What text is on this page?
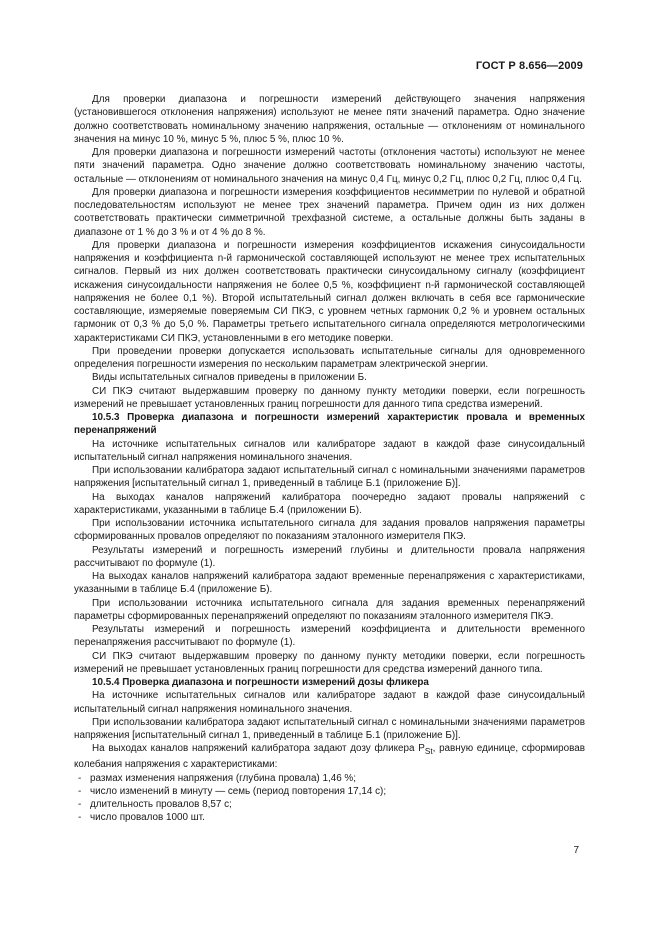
ГОСТ Р 8.656—2009

Для проверки диапазона и погрешности измерений действующего значения напряжения (установившегося отклонения напряжения) используют не менее пяти значений параметра. Одно значение должно соответствовать номинальному значению напряжения, остальные — отклонениям от номинального значения на минус 10 %, минус 5 %, плюс 5 %, плюс 10 %.

Для проверки диапазона и погрешности измерений частоты (отклонения частоты) используют не менее пяти значений параметра. Одно значение должно соответствовать номинальному значению частоты, остальные — отклонениям от номинального значения на минус 0,4 Гц, минус 0,2 Гц, плюс 0,2 Гц, плюс 0,4 Гц.

Для проверки диапазона и погрешности измерения коэффициентов несимметрии по нулевой и обратной последовательностям используют не менее трех значений параметра. Причем один из них должен соответствовать практически симметричной трехфазной системе, а остальные должны быть заданы в диапазоне от 1 % до 3 % и от 4 % до 8 %.

Для проверки диапазона и погрешности измерения коэффициентов искажения синусоидальности напряжения и коэффициента n-й гармонической составляющей используют не менее трех испытательных сигналов. Первый из них должен соответствовать практически синусоидальному сигналу (коэффициент искажения синусоидальности напряжения не более 0,5 %, коэффициент n-й гармонической составляющей напряжения не более 0,1 %). Второй испытательный сигнал должен включать в себя все гармонические составляющие, измеряемые поверяемым СИ ПКЭ, с уровнем четных гармоник 0,2 % и уровнем остальных гармоник от 0,3 % до 5,0 %. Параметры третьего испытательного сигнала определяются метрологическими характеристиками СИ ПКЭ, установленными в его методике поверки.

При проведении проверки допускается использовать испытательные сигналы для одновременного определения погрешности измерения по нескольким параметрам электрической энергии.

Виды испытательных сигналов приведены в приложении Б.

СИ ПКЭ считают выдержавшим проверку по данному пункту методики поверки, если погрешность измерений не превышает установленных границ погрешности для данного типа средства измерений.

10.5.3 Проверка диапазона и погрешности измерений характеристик провала и временных перенапряжений

На источнике испытательных сигналов или калибраторе задают в каждой фазе синусоидальный испытательный сигнал напряжения номинального значения.

При использовании калибратора задают испытательный сигнал с номинальными значениями параметров напряжения [испытательный сигнал 1, приведенный в таблице Б.1 (приложение Б)].

На выходах каналов напряжений калибратора поочередно задают провалы напряжений с характеристиками, указанными в таблице Б.4 (приложении Б).

При использовании источника испытательного сигнала для задания провалов напряжения параметры сформированных провалов определяют по показаниям эталонного измерителя ПКЭ.

Результаты измерений и погрешность измерений глубины и длительности провала напряжения рассчитывают по формуле (1).

На выходах каналов напряжений калибратора задают временные перенапряжения с характеристиками, указанными в таблице Б.4 (приложение Б).

При использовании источника испытательного сигнала для задания временных перенапряжений параметры сформированных перенапряжений определяют по показаниям эталонного измерителя ПКЭ.

Результаты измерений и погрешность измерений коэффициента и длительности временного перенапряжения рассчитывают по формуле (1).

СИ ПКЭ считают выдержавшим проверку по данному пункту методики поверки, если погрешность измерений не превышает установленных границ погрешности для средства измерений данного типа.

10.5.4 Проверка диапазона и погрешности измерений дозы фликера

На источнике испытательных сигналов или калибраторе задают в каждой фазе синусоидальный испытательный сигнал напряжения номинального значения.

При использовании калибратора задают испытательный сигнал с номинальными значениями параметров напряжения [испытательный сигнал 1, приведенный в таблице Б.1 (приложение Б)].

На выходах каналов напряжений калибратора задают дозу фликера $P_{St}$, равную единице, сформировав колебания напряжения с характеристиками:

- размах изменения напряжения (глубина провала) 1,46 %;

- число изменений в минуту — семь (период повторения 17,14 с);

- длительность провалов 8,57 с;

- число провалов 1000 шт.

7
